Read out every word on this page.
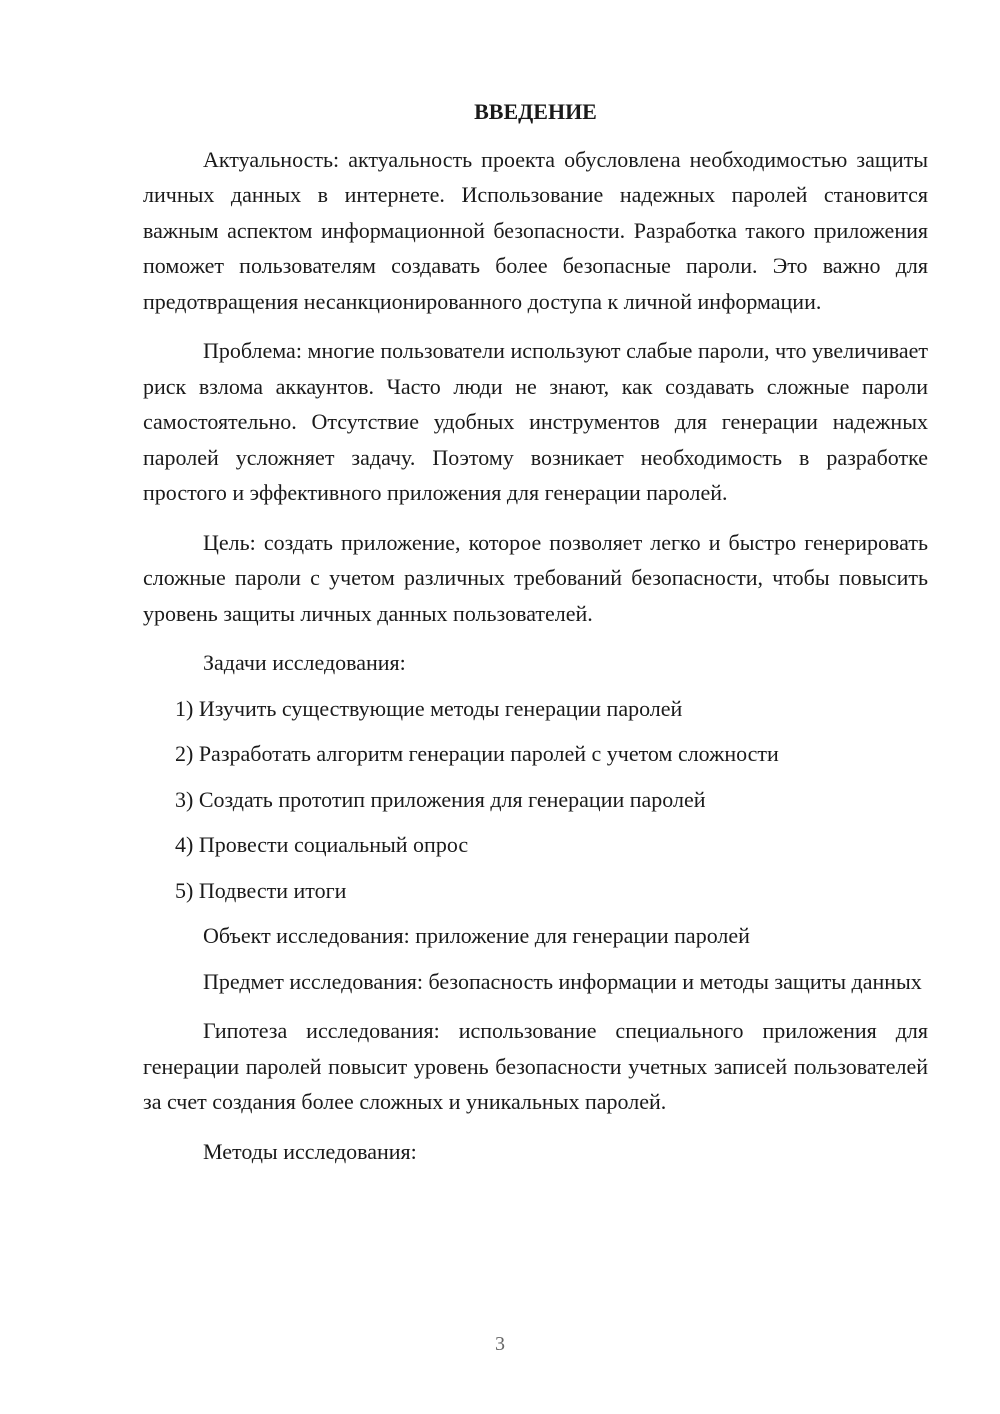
ВВЕДЕНИЕ

Актуальность: актуальность проекта обусловлена необходимостью защиты личных данных в интернете. Использование надежных паролей становится важным аспектом информационной безопасности. Разработка такого приложения поможет пользователям создавать более безопасные пароли. Это важно для предотвращения несанкционированного доступа к личной информации.

Проблема: многие пользователи используют слабые пароли, что увеличивает риск взлома аккаунтов. Часто люди не знают, как создавать сложные пароли самостоятельно. Отсутствие удобных инструментов для генерации надежных паролей усложняет задачу. Поэтому возникает необходимость в разработке простого и эффективного приложения для генерации паролей.

Цель: создать приложение, которое позволяет легко и быстро генерировать сложные пароли с учетом различных требований безопасности, чтобы повысить уровень защиты личных данных пользователей.

Задачи исследования:

1) Изучить существующие методы генерации паролей
2) Разработать алгоритм генерации паролей с учетом сложности
3) Создать прототип приложения для генерации паролей
4) Провести социальный опрос
5) Подвести итоги

Объект исследования: приложение для генерации паролей

Предмет исследования: безопасность информации и методы защиты данных

Гипотеза исследования: использование специального приложения для генерации паролей повысит уровень безопасности учетных записей пользователей за счет создания более сложных и уникальных паролей.

Методы исследования:

3
